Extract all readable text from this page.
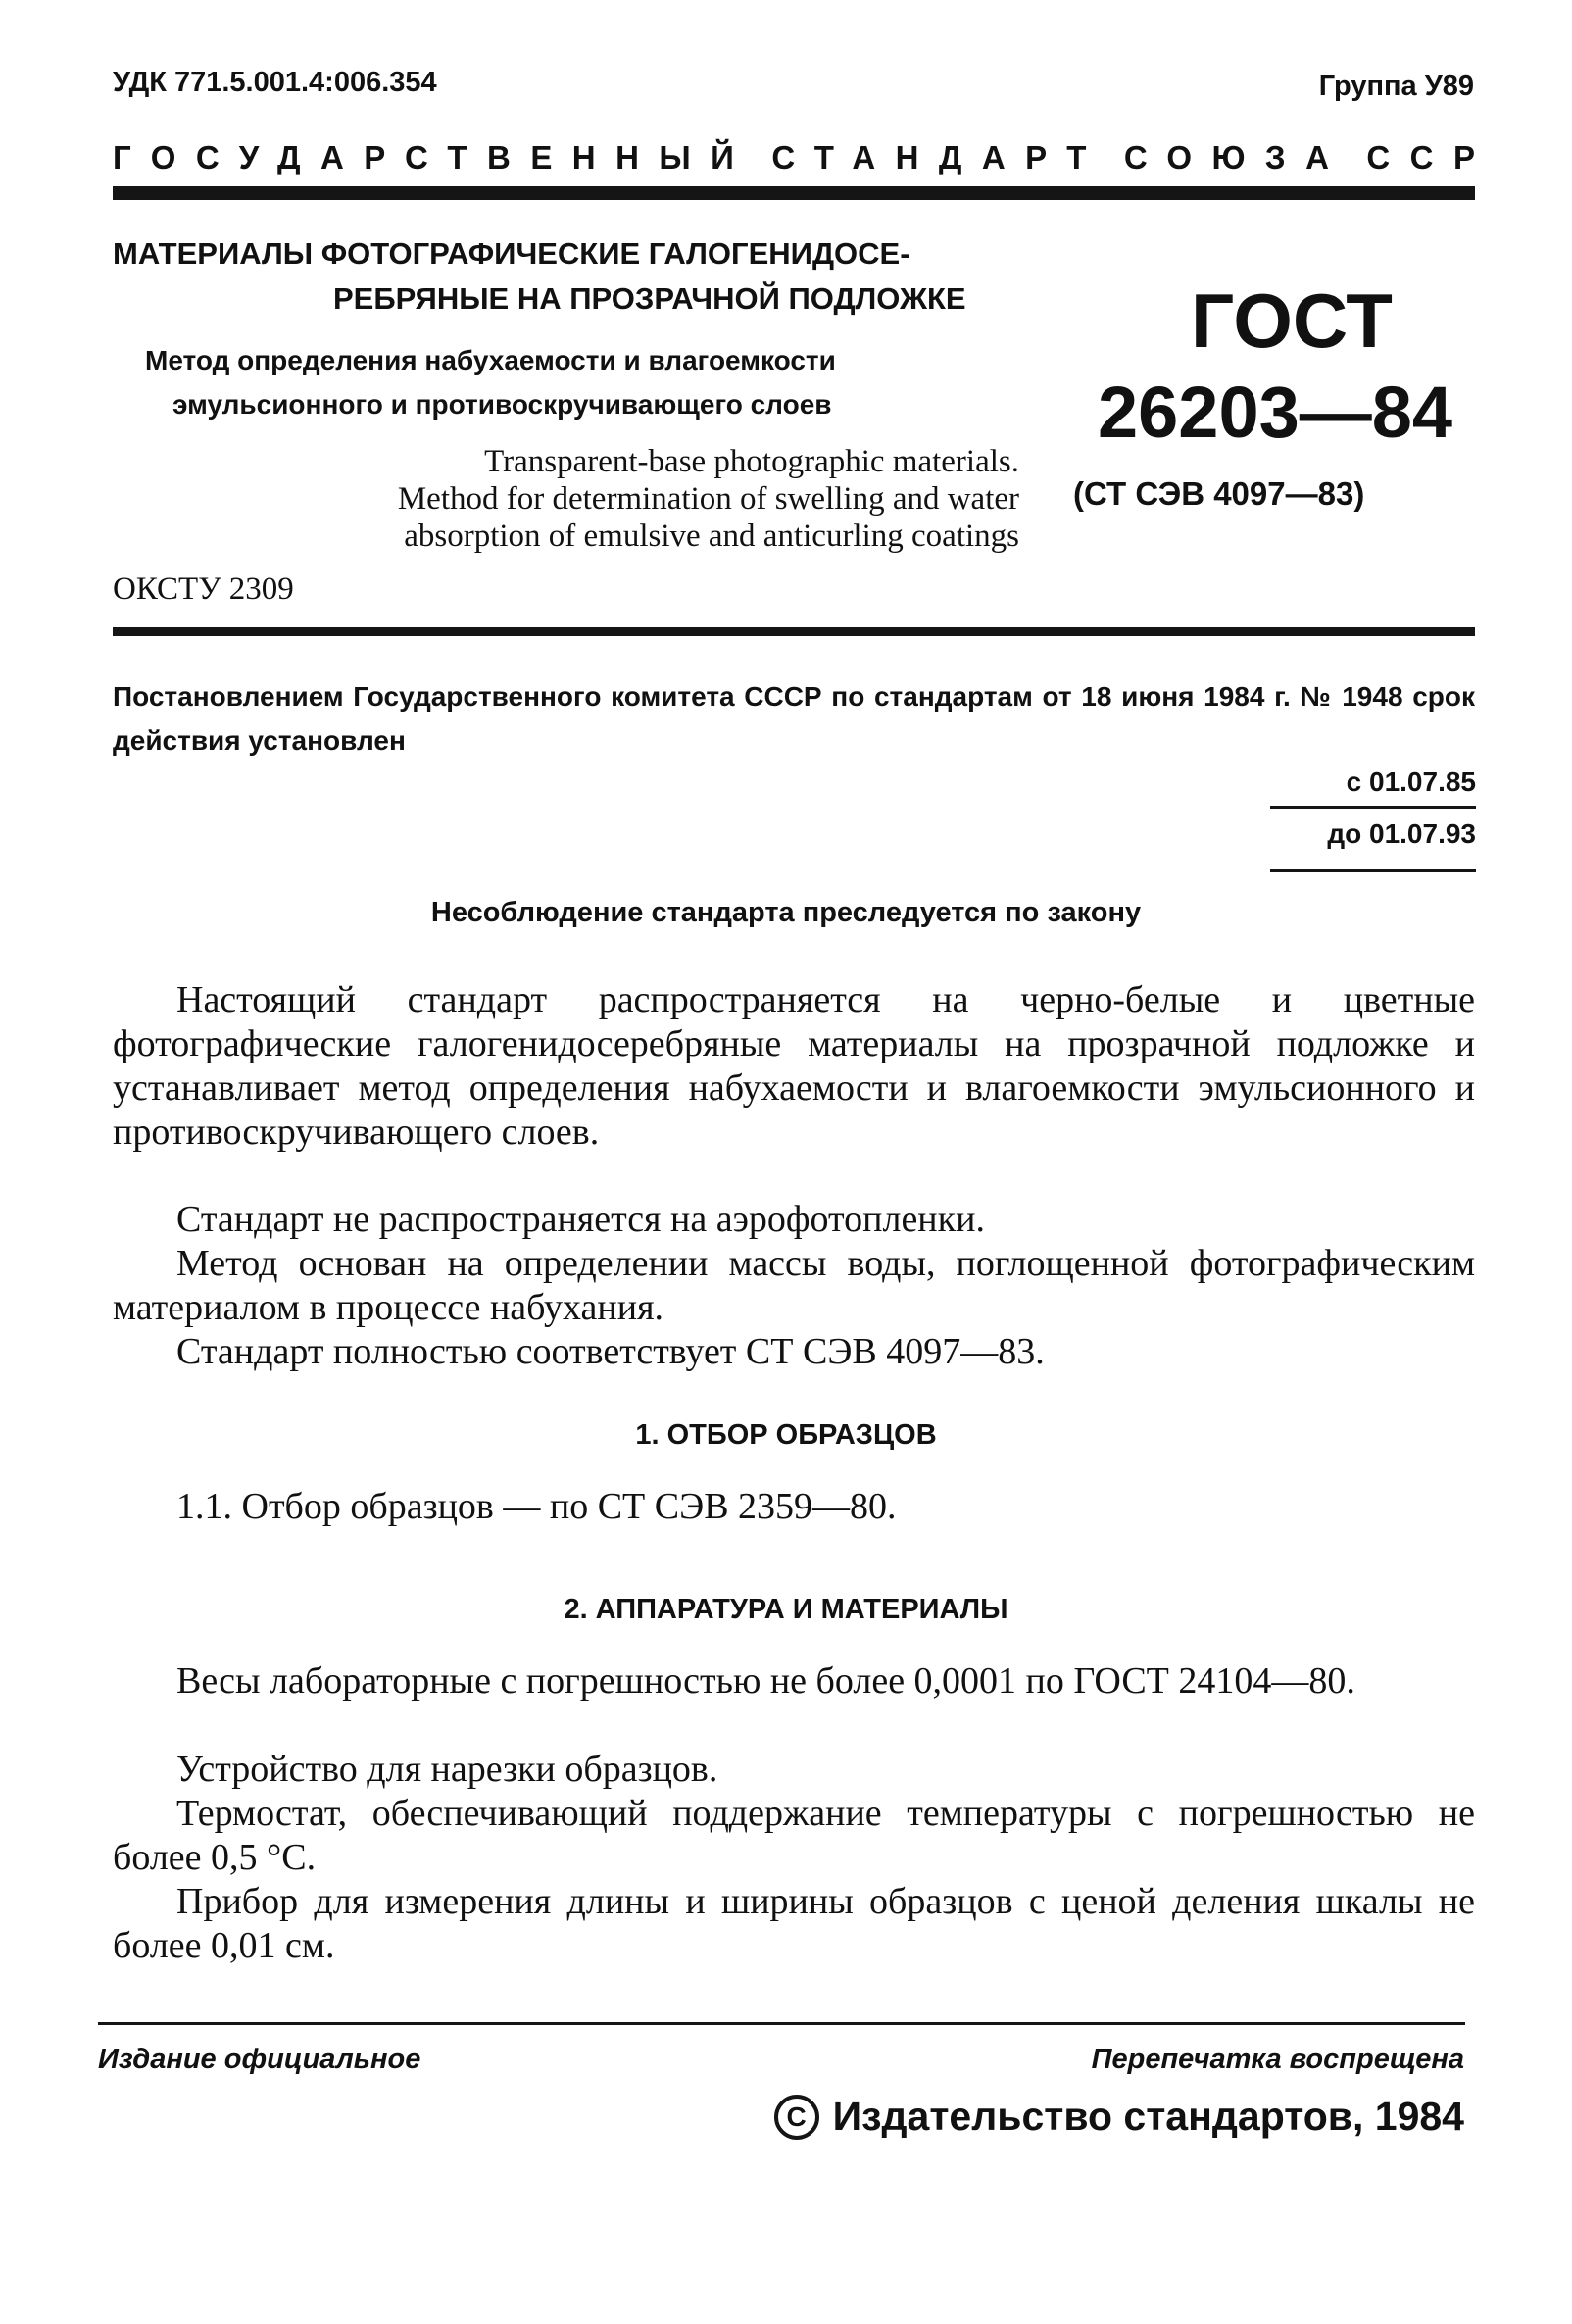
УДК 771.5.001.4:006.354	Группа У89
ГОСУДАРСТВЕННЫЙ СТАНДАРТ СОЮЗА ССР
МАТЕРИАЛЫ ФОТОГРАФИЧЕСКИЕ ГАЛОГЕНИДОСЕ-
РЕБРЯНЫЕ НА ПРОЗРАЧНОЙ ПОДЛОЖКЕ
Метод определения набухаемости и влагоемкости
эмульсионного и противоскручивающего слоев
Transparent-base photographic materials.
Method for determination of swelling and water
absorption of emulsive and anticurling coatings
ОКСТУ 2309
ГОСТ
26203—84
(СТ СЭВ 4097—83)
Постановлением Государственного комитета СССР по стандартам от 18 июня 1984 г. № 1948 срок действия установлен
с 01.07.85
до 01.07.93
Несоблюдение стандарта преследуется по закону
Настоящий стандарт распространяется на черно-белые и цветные фотографические галогенидосеребряные материалы на прозрачной подложке и устанавливает метод определения набухаемости и влагоемкости эмульсионного и противоскручивающего слоев.
Стандарт не распространяется на аэрофотопленки.
Метод основан на определении массы воды, поглощенной фотографическим материалом в процессе набухания.
Стандарт полностью соответствует СТ СЭВ 4097—83.
1. ОТБОР ОБРАЗЦОВ
1.1. Отбор образцов — по СТ СЭВ 2359—80.
2. АППАРАТУРА И МАТЕРИАЛЫ
Весы лабораторные с погрешностью не более 0,0001 по ГОСТ 24104—80.
Устройство для нарезки образцов.
Термостат, обеспечивающий поддержание температуры с погрешностью не более 0,5 °С.
Прибор для измерения длины и ширины образцов с ценой деления шкалы не более 0,01 см.
Издание официальное	Перепечатка воспрещена
C Издательство стандартов, 1984
